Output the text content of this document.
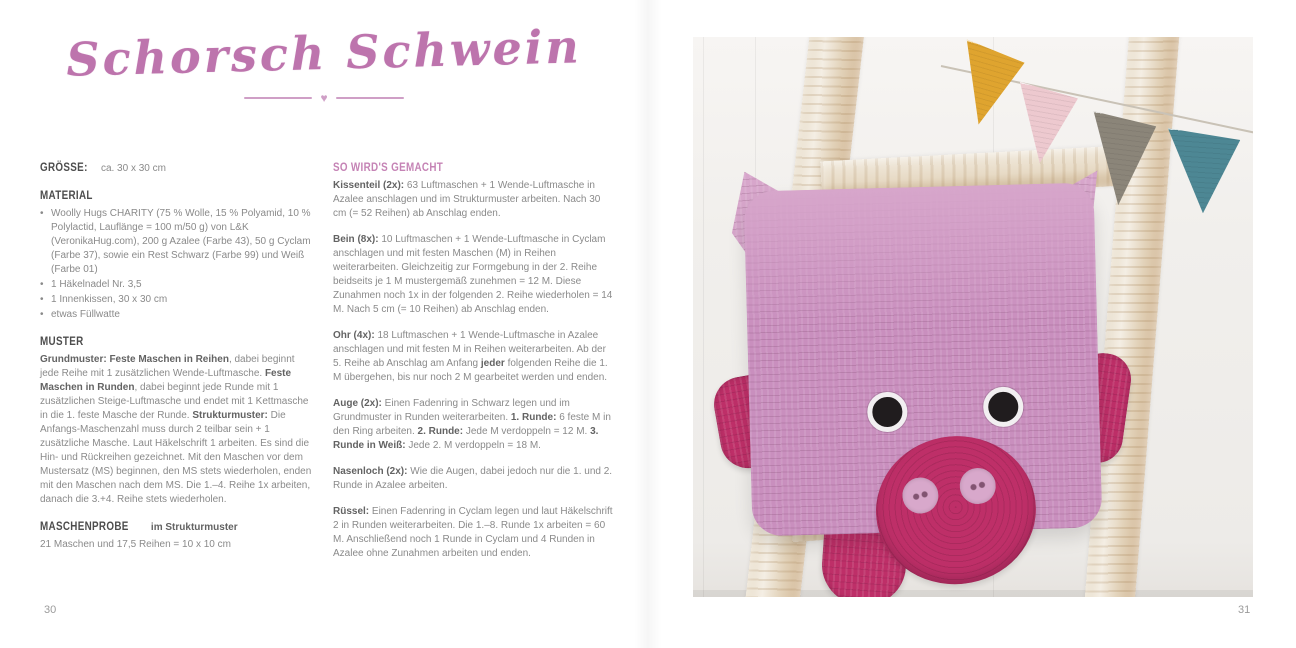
Schorsch Schwein
♥
GRÖSSE: ca. 30 x 30 cm
MATERIAL
• Woolly Hugs CHARITY (75 % Wolle, 15 % Polyamid, 10 % Polylactid, Lauflänge = 100 m/50 g) von L&K (VeronikaHug.com), 200 g Azalee (Farbe 43), 50 g Cyclam (Farbe 37), sowie ein Rest Schwarz (Farbe 99) und Weiß (Farbe 01)
• 1 Häkelnadel Nr. 3,5
• 1 Innenkissen, 30 x 30 cm
• etwas Füllwatte
MUSTER

Grundmuster: Feste Maschen in Reihen, dabei beginnt jede Reihe mit 1 zusätzlichen Wende-Luftmasche. Feste Maschen in Runden, dabei beginnt jede Runde mit 1 zusätzlichen Steige-Luftmasche und endet mit 1 Kettmasche in die 1. feste Masche der Runde. Strukturmuster: Die Anfangs-Maschenzahl muss durch 2 teilbar sein + 1 zusätzliche Masche. Laut Häkelschrift 1 arbeiten. Es sind die Hin- und Rückreihen gezeichnet. Mit den Maschen vor dem Mustersatz (MS) beginnen, den MS stets wiederholen, enden mit den Maschen nach dem MS. Die 1.–4. Reihe 1x arbeiten, danach die 3.+4. Reihe stets wiederholen.

MASCHENPROBE im Strukturmuster

21 Maschen und 17,5 Reihen = 10 x 10 cm

SO WIRD'S GEMACHT

Kissenteil (2x): 63 Luftmaschen + 1 Wende-Luftmasche in Azalee anschlagen und im Strukturmuster arbeiten. Nach 30 cm (= 52 Reihen) ab Anschlag enden.

Bein (8x): 10 Luftmaschen + 1 Wende-Luftmasche in Cyclam anschlagen und mit festen Maschen (M) in Reihen weiterarbeiten. Gleichzeitig zur Formgebung in der 2. Reihe beidseits je 1 M mustergemäß zunehmen = 12 M. Diese Zunahmen noch 1x in der folgenden 2. Reihe wiederholen = 14 M. Nach 5 cm (= 10 Reihen) ab Anschlag enden.

Ohr (4x): 18 Luftmaschen + 1 Wende-Luftmasche in Azalee anschlagen und mit festen M in Reihen weiterarbeiten. Ab der 5. Reihe ab Anschlag am Anfang jeder folgenden Reihe die 1. M übergehen, bis nur noch 2 M gearbeitet werden und enden.

Auge (2x): Einen Fadenring in Schwarz legen und im Grundmuster in Runden weiterarbeiten. 1. Runde: 6 feste M in den Ring arbeiten. 2. Runde: Jede M verdoppeln = 12 M. 3. Runde in Weiß: Jede 2. M verdoppeln = 18 M.

Nasenloch (2x): Wie die Augen, dabei jedoch nur die 1. und 2. Runde in Azalee arbeiten.

Rüssel: Einen Fadenring in Cyclam legen und laut Häkelschrift 2 in Runden weiterarbeiten. Die 1.–8. Runde 1x arbeiten = 60 M. Anschließend noch 1 Runde in Cyclam und 4 Runden in Azalee ohne Zunahmen arbeiten und enden.

30	31
